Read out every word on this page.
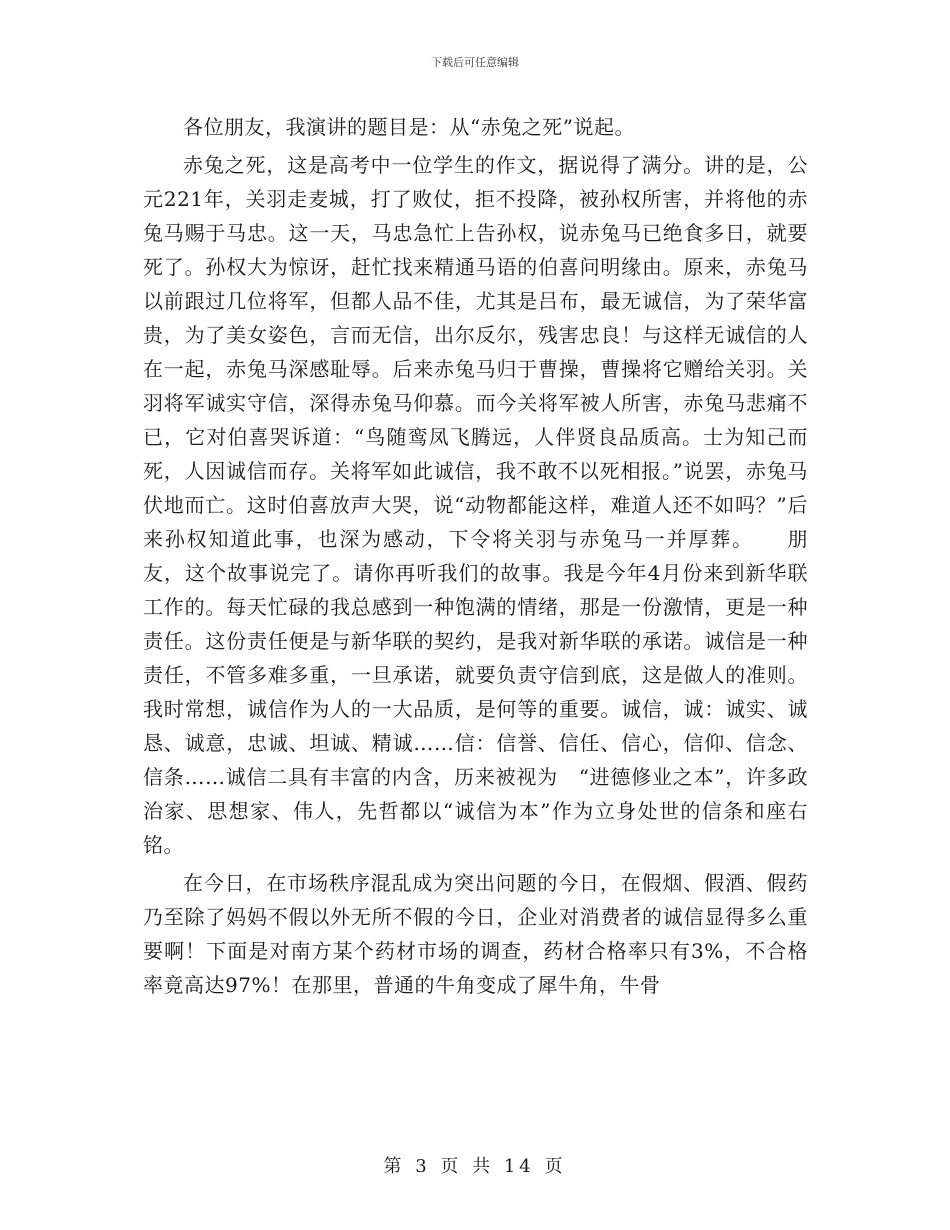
下载后可任意编辑

各位朋友，我演讲的题目是：从“赤兔之死”说起。

赤兔之死，这是高考中一位学生的作文，据说得了满分。讲的是，公元221年，关羽走麦城，打了败仗，拒不投降，被孙权所害，并将他的赤兔马赐于马忠。这一天，马忠急忙上告孙权，说赤兔马已绝食多日，就要死了。孙权大为惊讶，赶忙找来精通马语的伯喜问明缘由。原来，赤兔马以前跟过几位将军，但都人品不佳，尤其是吕布，最无诚信，为了荣华富贵，为了美女姿色，言而无信，出尔反尔，残害忠良！与这样无诚信的人在一起，赤兔马深感耻辱。后来赤兔马归于曹操，曹操将它赠给关羽。关羽将军诚实守信，深得赤兔马仰慕。而今关将军被人所害，赤兔马悲痛不已，它对伯喜哭诉道：“鸟随鸾凤飞腾远，人伴贤良品质高。士为知己而死，人因诚信而存。关将军如此诚信，我不敢不以死相报。”说罢，赤兔马伏地而亡。这时伯喜放声大哭，说“动物都能这样，难道人还不如吗？”后来孙权知道此事，也深为感动，下令将关羽与赤兔马一并厚葬。　　朋友，这个故事说完了。请你再听我们的故事。我是今年4月份来到新华联工作的。每天忙碌的我总感到一种饱满的情绪，那是一份激情，更是一种责任。这份责任便是与新华联的契约，是我对新华联的承诺。诚信是一种责任，不管多难多重，一旦承诺，就要负责守信到底，这是做人的准则。我时常想，诚信作为人的一大品质，是何等的重要。诚信，诚：诚实、诚恳、诚意，忠诚、坦诚、精诚……信：信誉、信任、信心，信仰、信念、信条……诚信二具有丰富的内含，历来被视为　“进德修业之本”，许多政治家、思想家、伟人，先哲都以“诚信为本”作为立身处世的信条和座右铭。

在今日，在市场秩序混乱成为突出问题的今日，在假烟、假酒、假药乃至除了妈妈不假以外无所不假的今日，企业对消费者的诚信显得多么重要啊！下面是对南方某个药材市场的调查，药材合格率只有3%，不合格率竟高达97%！在那里，普通的牛角变成了犀牛角，牛骨

第 3 页 共 14 页
